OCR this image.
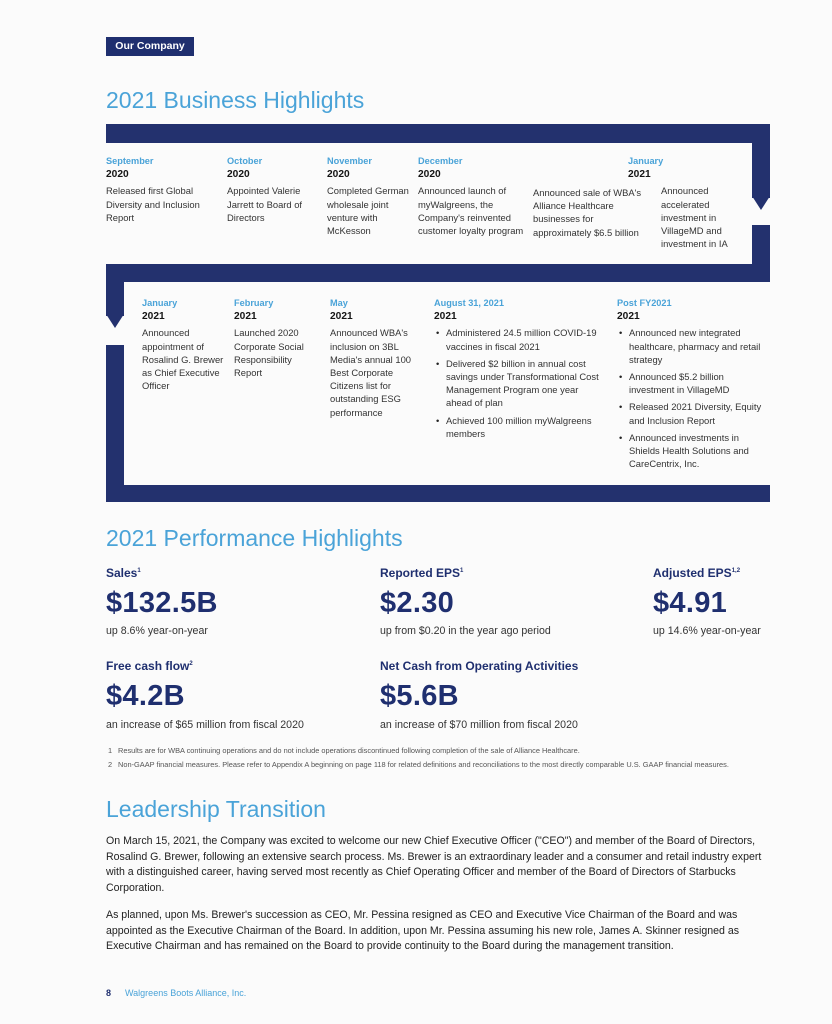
Our Company
2021 Business Highlights
September
2020
Released first Global Diversity and Inclusion Report
October
2020
Appointed Valerie Jarrett to Board of Directors
November
2020
Completed German wholesale joint venture with McKesson
December
2020
Announced launch of myWalgreens, the Company's reinvented customer loyalty program
Announced sale of WBA's Alliance Healthcare businesses for approximately $6.5 billion
January
2021
Announced accelerated investment in VillageMD and investment in IA
January
2021
Announced appointment of Rosalind G. Brewer as Chief Executive Officer
February
2021
Launched 2020 Corporate Social Responsibility Report
May
2021
Announced WBA's inclusion on 3BL Media's annual 100 Best Corporate Citizens list for outstanding ESG performance
August 31, 2021
2021
• Administered 24.5 million COVID-19 vaccines in fiscal 2021
• Delivered $2 billion in annual cost savings under Transformational Cost Management Program one year ahead of plan
• Achieved 100 million myWalgreens members
Post FY2021
2021
• Announced new integrated healthcare, pharmacy and retail strategy
• Announced $5.2 billion investment in VillageMD
• Released 2021 Diversity, Equity and Inclusion Report
• Announced investments in Shields Health Solutions and CareCentrix, Inc.
2021 Performance Highlights
Sales$^1$
$132.5B
up 8.6% year-on-year
Reported EPS$^1$
$2.30
up from $0.20 in the year ago period
Adjusted EPS$^{1,2}$
$4.91
up 14.6% year-on-year
Free cash flow$^2$
$4.2B
an increase of $65 million from fiscal 2020
Net Cash from Operating Activities
$5.6B
an increase of $70 million from fiscal 2020
1 Results are for WBA continuing operations and do not include operations discontinued following completion of the sale of Alliance Healthcare.
2 Non-GAAP financial measures. Please refer to Appendix A beginning on page 118 for related definitions and reconciliations to the most directly comparable U.S. GAAP financial measures.
Leadership Transition

On March 15, 2021, the Company was excited to welcome our new Chief Executive Officer ("CEO") and member of the Board of Directors, Rosalind G. Brewer, following an extensive search process. Ms. Brewer is an extraordinary leader and a consumer and retail industry expert with a distinguished career, having served most recently as Chief Operating Officer and member of the Board of Directors of Starbucks Corporation.

As planned, upon Ms. Brewer's succession as CEO, Mr. Pessina resigned as CEO and Executive Vice Chairman of the Board and was appointed as the Executive Chairman of the Board. In addition, upon Mr. Pessina assuming his new role, James A. Skinner resigned as Executive Chairman and has remained on the Board to provide continuity to the Board during the management transition.

8 Walgreens Boots Alliance, Inc.
